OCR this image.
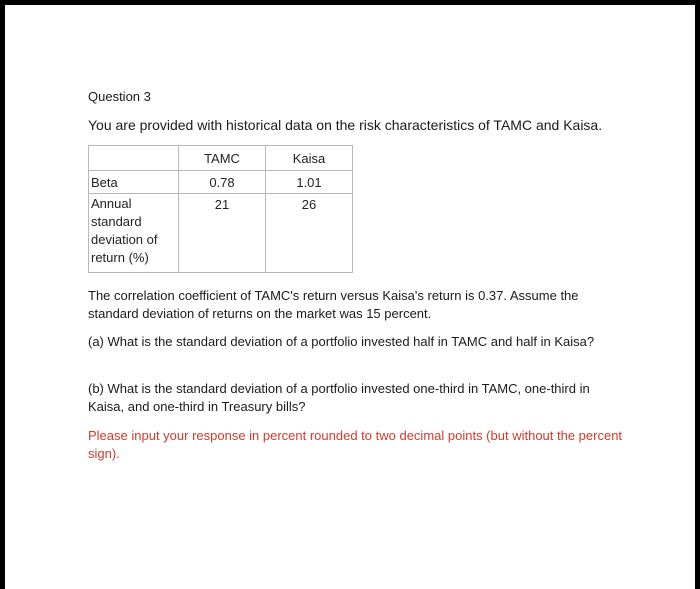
Question 3
You are provided with historical data on the risk characteristics of TAMC and Kaisa.
	TAMC	Kaisa
Beta	0.78	1.01
Annual standard deviation of return (%)	21	26
The correlation coefficient of TAMC's return versus Kaisa's return is 0.37. Assume the standard deviation of returns on the market was 15 percent.
(a) What is the standard deviation of a portfolio invested half in TAMC and half in Kaisa?
(b) What is the standard deviation of a portfolio invested one-third in TAMC, one-third in Kaisa, and one-third in Treasury bills?
Please input your response in percent rounded to two decimal points (but without the percent sign).
